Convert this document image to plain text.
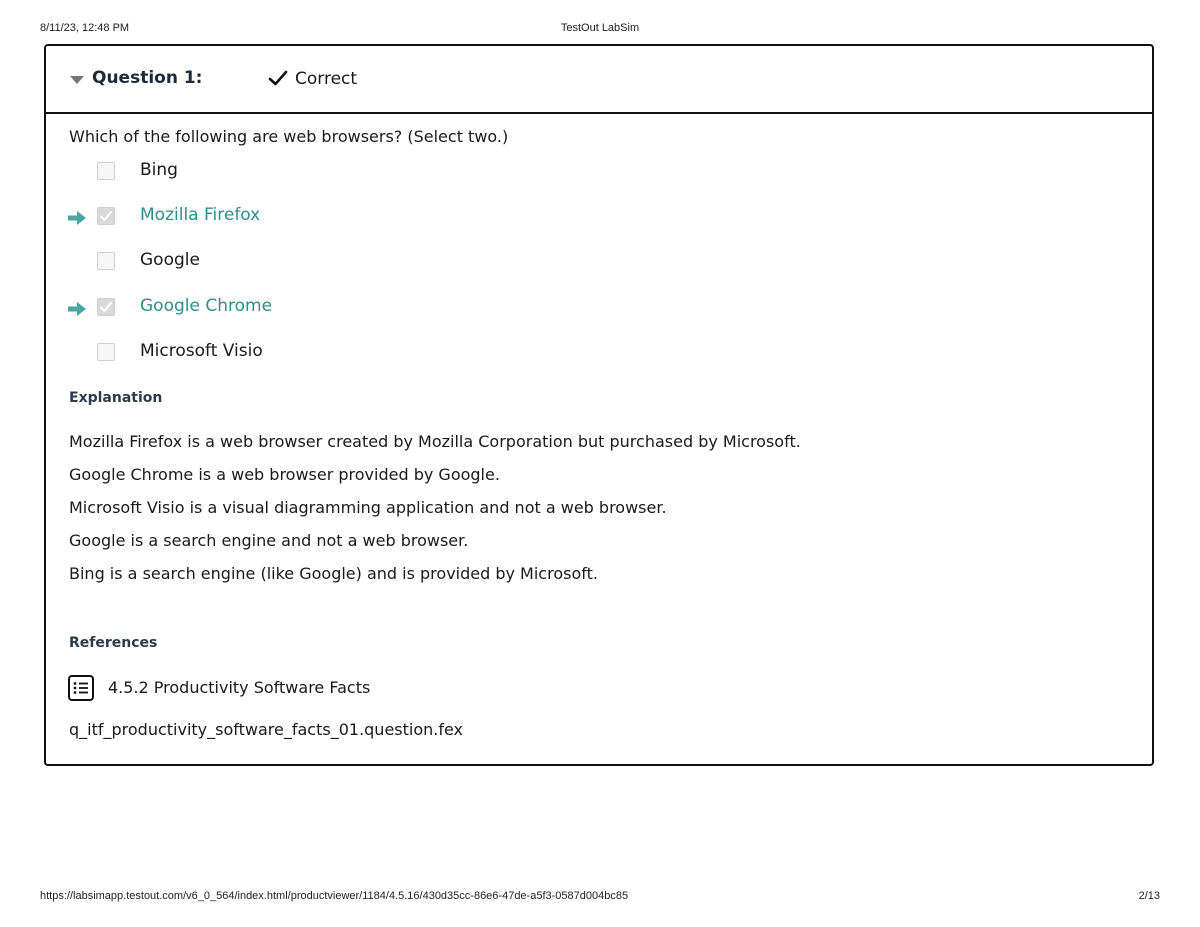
8/11/23, 12:48 PM	TestOut LabSim
Question 1:	Correct
Which of the following are web browsers? (Select two.)
Bing
Mozilla Firefox
Google
Google Chrome
Microsoft Visio
Explanation
Mozilla Firefox is a web browser created by Mozilla Corporation but purchased by Microsoft.
Google Chrome is a web browser provided by Google.
Microsoft Visio is a visual diagramming application and not a web browser.
Google is a search engine and not a web browser.
Bing is a search engine (like Google) and is provided by Microsoft.
References
4.5.2 Productivity Software Facts
q_itf_productivity_software_facts_01.question.fex
https://labsimapp.testout.com/v6_0_564/index.html/productviewer/1184/4.5.16/430d35cc-86e6-47de-a5f3-0587d004bc85	2/13
